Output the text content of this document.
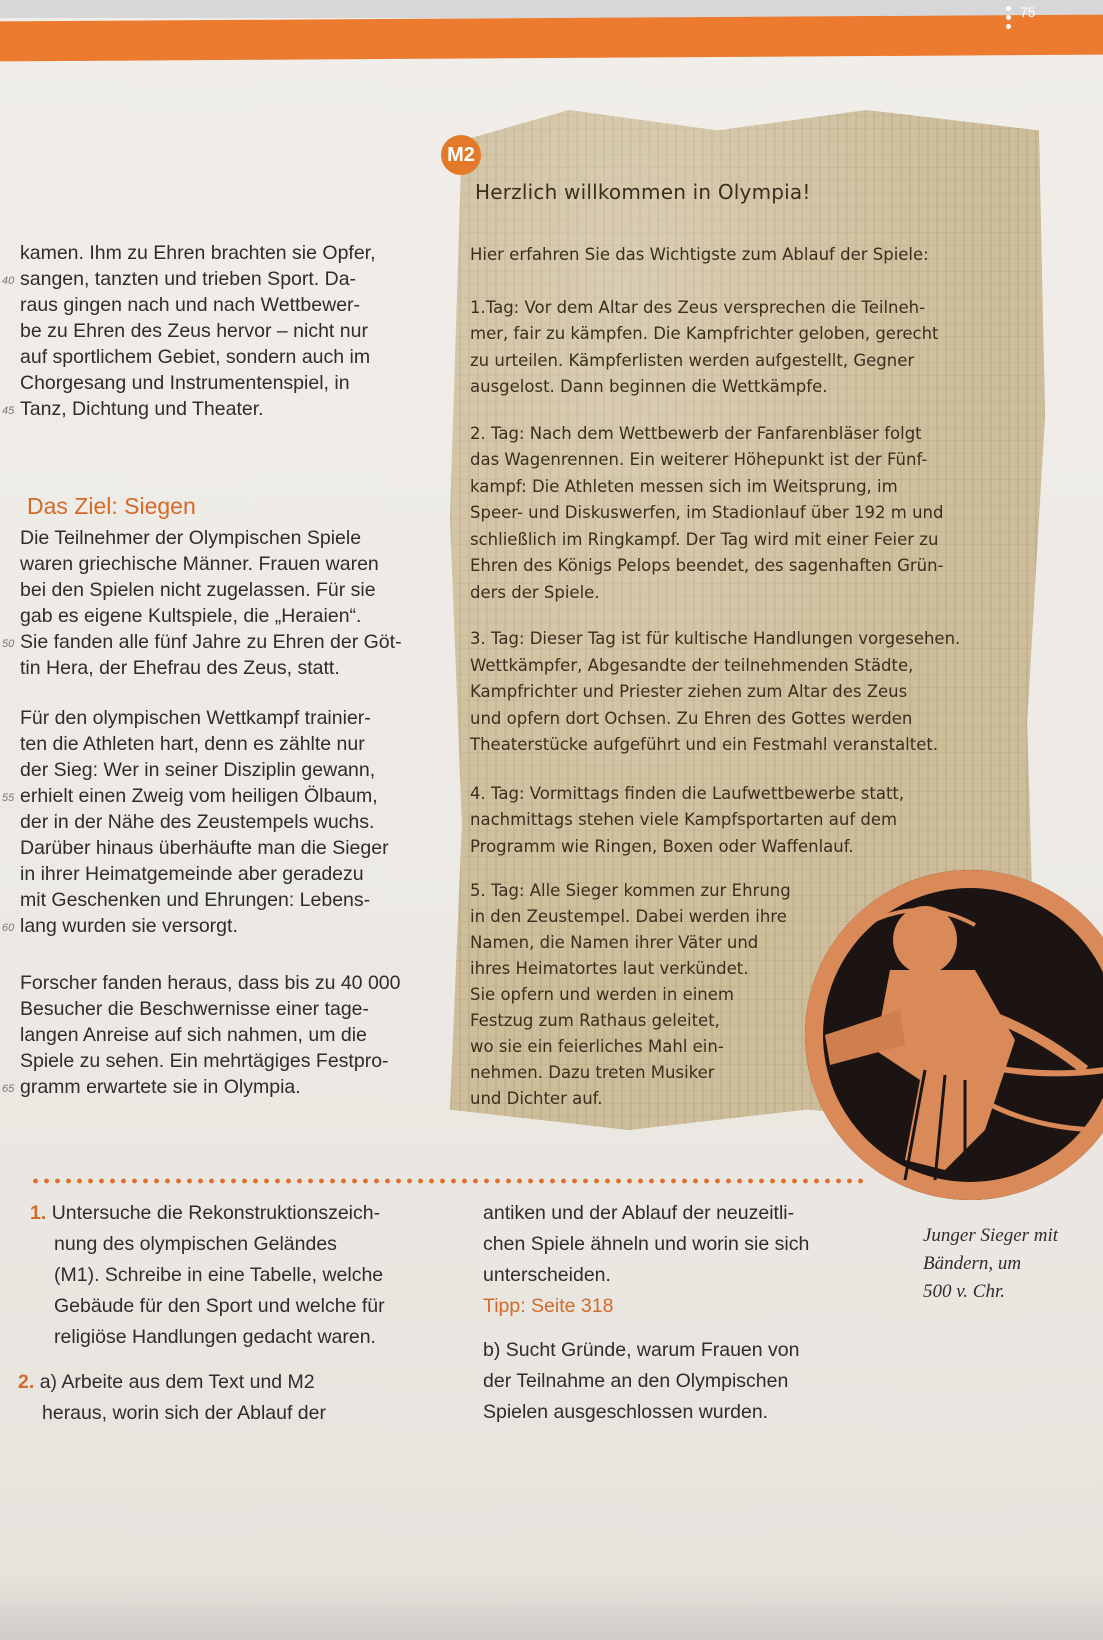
75
kamen. Ihm zu Ehren brachten sie Opfer,
sangen, tanzten und trieben Sport. Da-
40
raus gingen nach und nach Wettbewer-
be zu Ehren des Zeus hervor – nicht nur
auf sportlichem Gebiet, sondern auch im
Chorgesang und Instrumentenspiel, in
Tanz, Dichtung und Theater.
45
Das Ziel: Siegen
Die Teilnehmer der Olympischen Spiele
waren griechische Männer. Frauen waren
bei den Spielen nicht zugelassen. Für sie
gab es eigene Kultspiele, die „Heraien“.
Sie fanden alle fünf Jahre zu Ehren der Göt-
50
tin Hera, der Ehefrau des Zeus, statt.
Für den olympischen Wettkampf trainier-
ten die Athleten hart, denn es zählte nur
der Sieg: Wer in seiner Disziplin gewann,
erhielt einen Zweig vom heiligen Ölbaum,
55
der in der Nähe des Zeustempels wuchs.
Darüber hinaus überhäufte man die Sieger
in ihrer Heimatgemeinde aber geradezu
mit Geschenken und Ehrungen: Lebens-
lang wurden sie versorgt.
60
Forscher fanden heraus, dass bis zu 40 000
Besucher die Beschwernisse einer tage-
langen Anreise auf sich nahmen, um die
Spiele zu sehen. Ein mehrtägiges Festpro-
gramm erwartete sie in Olympia.
65
M2
Herzlich willkommen in Olympia!
Hier erfahren Sie das Wichtigste zum Ablauf der Spiele:
1.Tag: Vor dem Altar des Zeus versprechen die Teilneh-
mer, fair zu kämpfen. Die Kampfrichter geloben, gerecht
zu urteilen. Kämpferlisten werden aufgestellt, Gegner
ausgelost. Dann beginnen die Wettkämpfe.
2. Tag: Nach dem Wettbewerb der Fanfarenbläser folgt
das Wagenrennen. Ein weiterer Höhepunkt ist der Fünf-
kampf: Die Athleten messen sich im Weitsprung, im
Speer- und Diskuswerfen, im Stadionlauf über 192 m und
schließlich im Ringkampf. Der Tag wird mit einer Feier zu
Ehren des Königs Pelops beendet, des sagenhaften Grün-
ders der Spiele.
3. Tag: Dieser Tag ist für kultische Handlungen vorgesehen.
Wettkämpfer, Abgesandte der teilnehmenden Städte,
Kampfrichter und Priester ziehen zum Altar des Zeus
und opfern dort Ochsen. Zu Ehren des Gottes werden
Theaterstücke aufgeführt und ein Festmahl veranstaltet.
4. Tag: Vormittags finden die Laufwettbewerbe statt,
nachmittags stehen viele Kampfsportarten auf dem
Programm wie Ringen, Boxen oder Waffenlauf.
5. Tag: Alle Sieger kommen zur Ehrung
in den Zeustempel. Dabei werden ihre
Namen, die Namen ihrer Väter und
ihres Heimatortes laut verkündet.
Sie opfern und werden in einem
Festzug zum Rathaus geleitet,
wo sie ein feierliches Mahl ein-
nehmen. Dazu treten Musiker
und Dichter auf.
Junger Sieger mit
Bändern, um
500 v. Chr.
1. Untersuche die Rekonstruktionszeich-
nung des olympischen Geländes
(M1). Schreibe in eine Tabelle, welche
Gebäude für den Sport und welche für
religiöse Handlungen gedacht waren.
2. a) Arbeite aus dem Text und M2
heraus, worin sich der Ablauf der
antiken und der Ablauf der neuzeitli-
chen Spiele ähneln und worin sie sich
unterscheiden.
Tipp: Seite 318
b) Sucht Gründe, warum Frauen von
der Teilnahme an den Olympischen
Spielen ausgeschlossen wurden.
